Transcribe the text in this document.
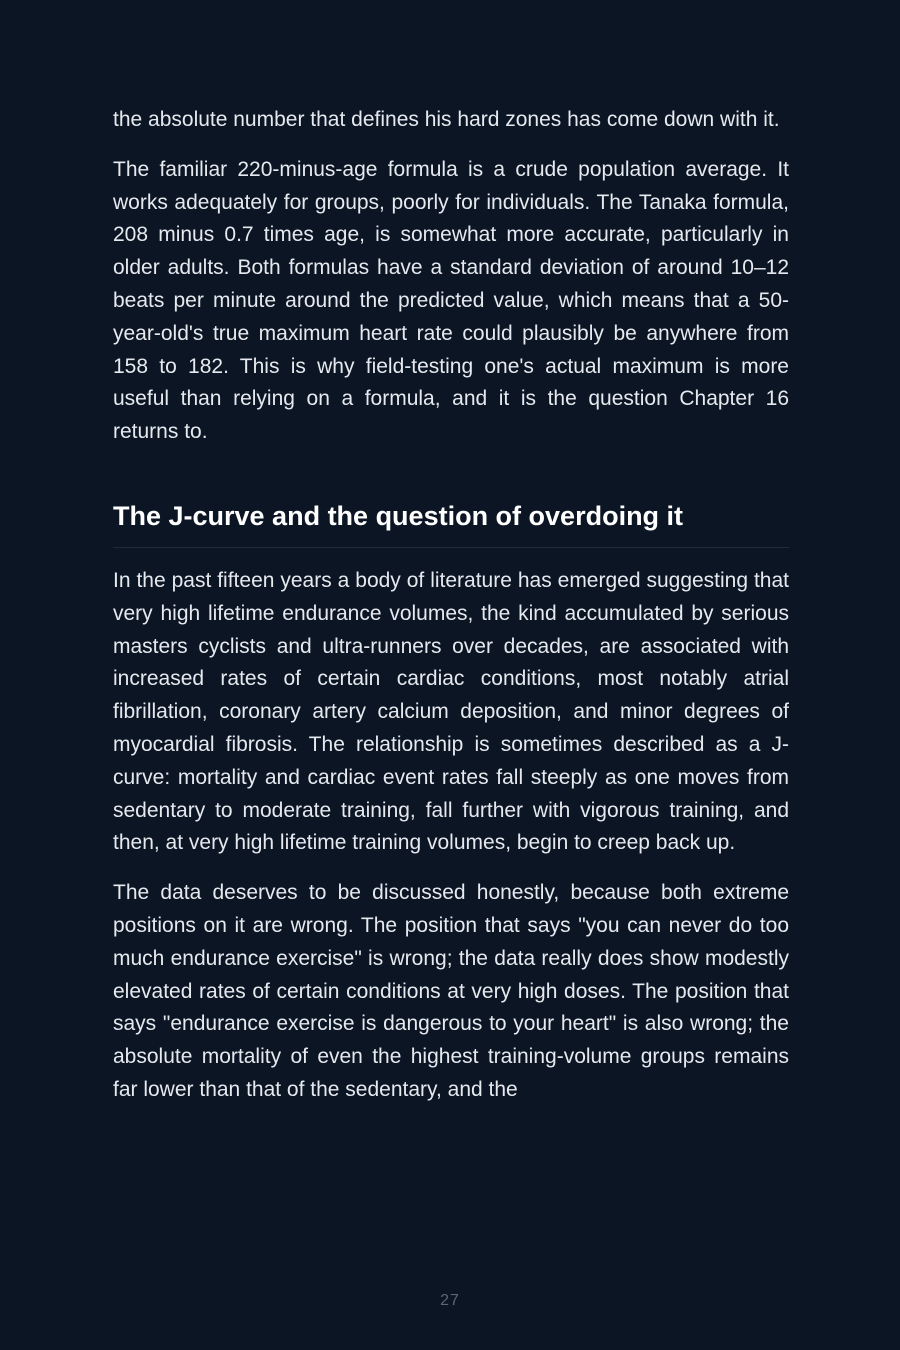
the absolute number that defines his hard zones has come down with it.

The familiar 220-minus-age formula is a crude population average. It works adequately for groups, poorly for individuals. The Tanaka formula, 208 minus 0.7 times age, is somewhat more accurate, particularly in older adults. Both formulas have a standard deviation of around 10–12 beats per minute around the predicted value, which means that a 50-year-old's true maximum heart rate could plausibly be anywhere from 158 to 182. This is why field-testing one's actual maximum is more useful than relying on a formula, and it is the question Chapter 16 returns to.

The J-curve and the question of overdoing it

In the past fifteen years a body of literature has emerged suggesting that very high lifetime endurance volumes, the kind accumulated by serious masters cyclists and ultra-runners over decades, are associated with increased rates of certain cardiac conditions, most notably atrial fibrillation, coronary artery calcium deposition, and minor degrees of myocardial fibrosis. The relationship is sometimes described as a J-curve: mortality and cardiac event rates fall steeply as one moves from sedentary to moderate training, fall further with vigorous training, and then, at very high lifetime training volumes, begin to creep back up.

The data deserves to be discussed honestly, because both extreme positions on it are wrong. The position that says "you can never do too much endurance exercise" is wrong; the data really does show modestly elevated rates of certain conditions at very high doses. The position that says "endurance exercise is dangerous to your heart" is also wrong; the absolute mortality of even the highest training-volume groups remains far lower than that of the sedentary, and the

27
